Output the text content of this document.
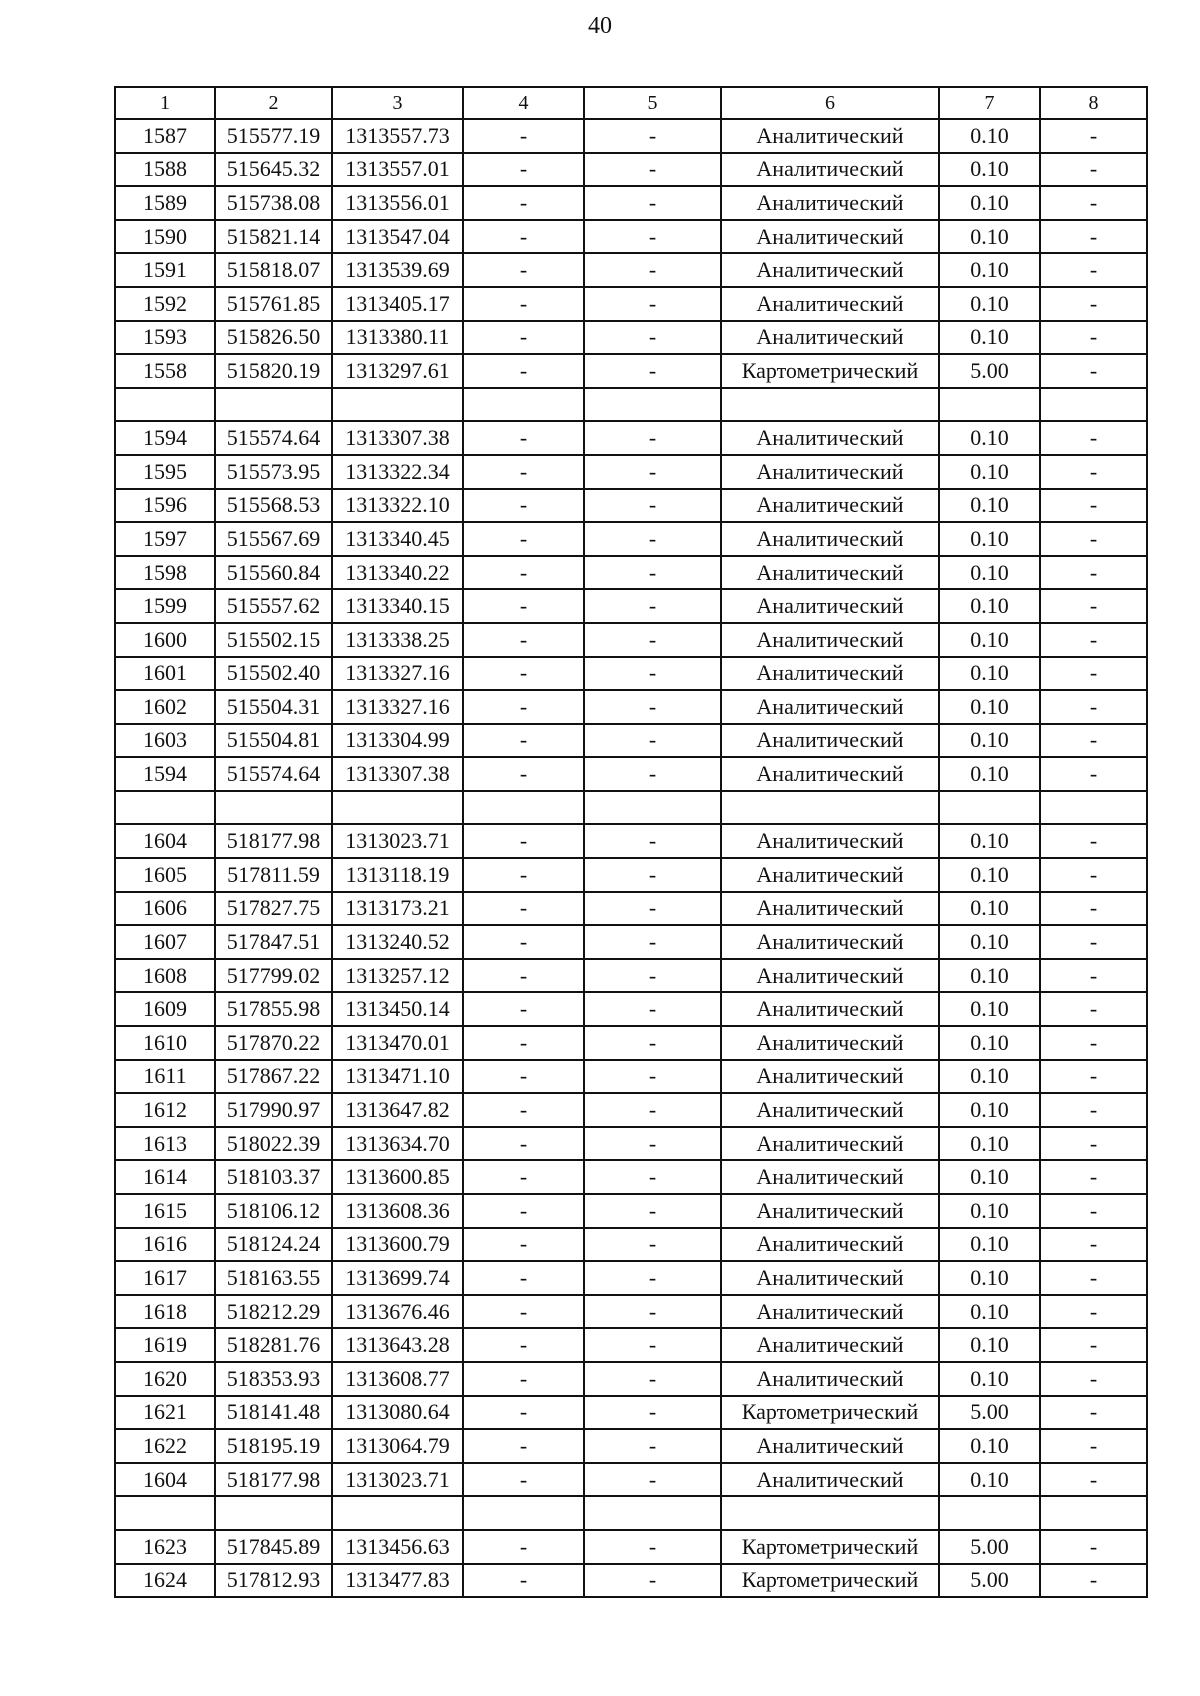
40
1	2	3	4	5	6	7	8
1587	515577.19	1313557.73	-	-	Аналитический	0.10	-
1588	515645.32	1313557.01	-	-	Аналитический	0.10	-
1589	515738.08	1313556.01	-	-	Аналитический	0.10	-
1590	515821.14	1313547.04	-	-	Аналитический	0.10	-
1591	515818.07	1313539.69	-	-	Аналитический	0.10	-
1592	515761.85	1313405.17	-	-	Аналитический	0.10	-
1593	515826.50	1313380.11	-	-	Аналитический	0.10	-
1558	515820.19	1313297.61	-	-	Картометрический	5.00	-

1594	515574.64	1313307.38	-	-	Аналитический	0.10	-
1595	515573.95	1313322.34	-	-	Аналитический	0.10	-
1596	515568.53	1313322.10	-	-	Аналитический	0.10	-
1597	515567.69	1313340.45	-	-	Аналитический	0.10	-
1598	515560.84	1313340.22	-	-	Аналитический	0.10	-
1599	515557.62	1313340.15	-	-	Аналитический	0.10	-
1600	515502.15	1313338.25	-	-	Аналитический	0.10	-
1601	515502.40	1313327.16	-	-	Аналитический	0.10	-
1602	515504.31	1313327.16	-	-	Аналитический	0.10	-
1603	515504.81	1313304.99	-	-	Аналитический	0.10	-
1594	515574.64	1313307.38	-	-	Аналитический	0.10	-

1604	518177.98	1313023.71	-	-	Аналитический	0.10	-
1605	517811.59	1313118.19	-	-	Аналитический	0.10	-
1606	517827.75	1313173.21	-	-	Аналитический	0.10	-
1607	517847.51	1313240.52	-	-	Аналитический	0.10	-
1608	517799.02	1313257.12	-	-	Аналитический	0.10	-
1609	517855.98	1313450.14	-	-	Аналитический	0.10	-
1610	517870.22	1313470.01	-	-	Аналитический	0.10	-
1611	517867.22	1313471.10	-	-	Аналитический	0.10	-
1612	517990.97	1313647.82	-	-	Аналитический	0.10	-
1613	518022.39	1313634.70	-	-	Аналитический	0.10	-
1614	518103.37	1313600.85	-	-	Аналитический	0.10	-
1615	518106.12	1313608.36	-	-	Аналитический	0.10	-
1616	518124.24	1313600.79	-	-	Аналитический	0.10	-
1617	518163.55	1313699.74	-	-	Аналитический	0.10	-
1618	518212.29	1313676.46	-	-	Аналитический	0.10	-
1619	518281.76	1313643.28	-	-	Аналитический	0.10	-
1620	518353.93	1313608.77	-	-	Аналитический	0.10	-
1621	518141.48	1313080.64	-	-	Картометрический	5.00	-
1622	518195.19	1313064.79	-	-	Аналитический	0.10	-
1604	518177.98	1313023.71	-	-	Аналитический	0.10	-

1623	517845.89	1313456.63	-	-	Картометрический	5.00	-
1624	517812.93	1313477.83	-	-	Картометрический	5.00	-
